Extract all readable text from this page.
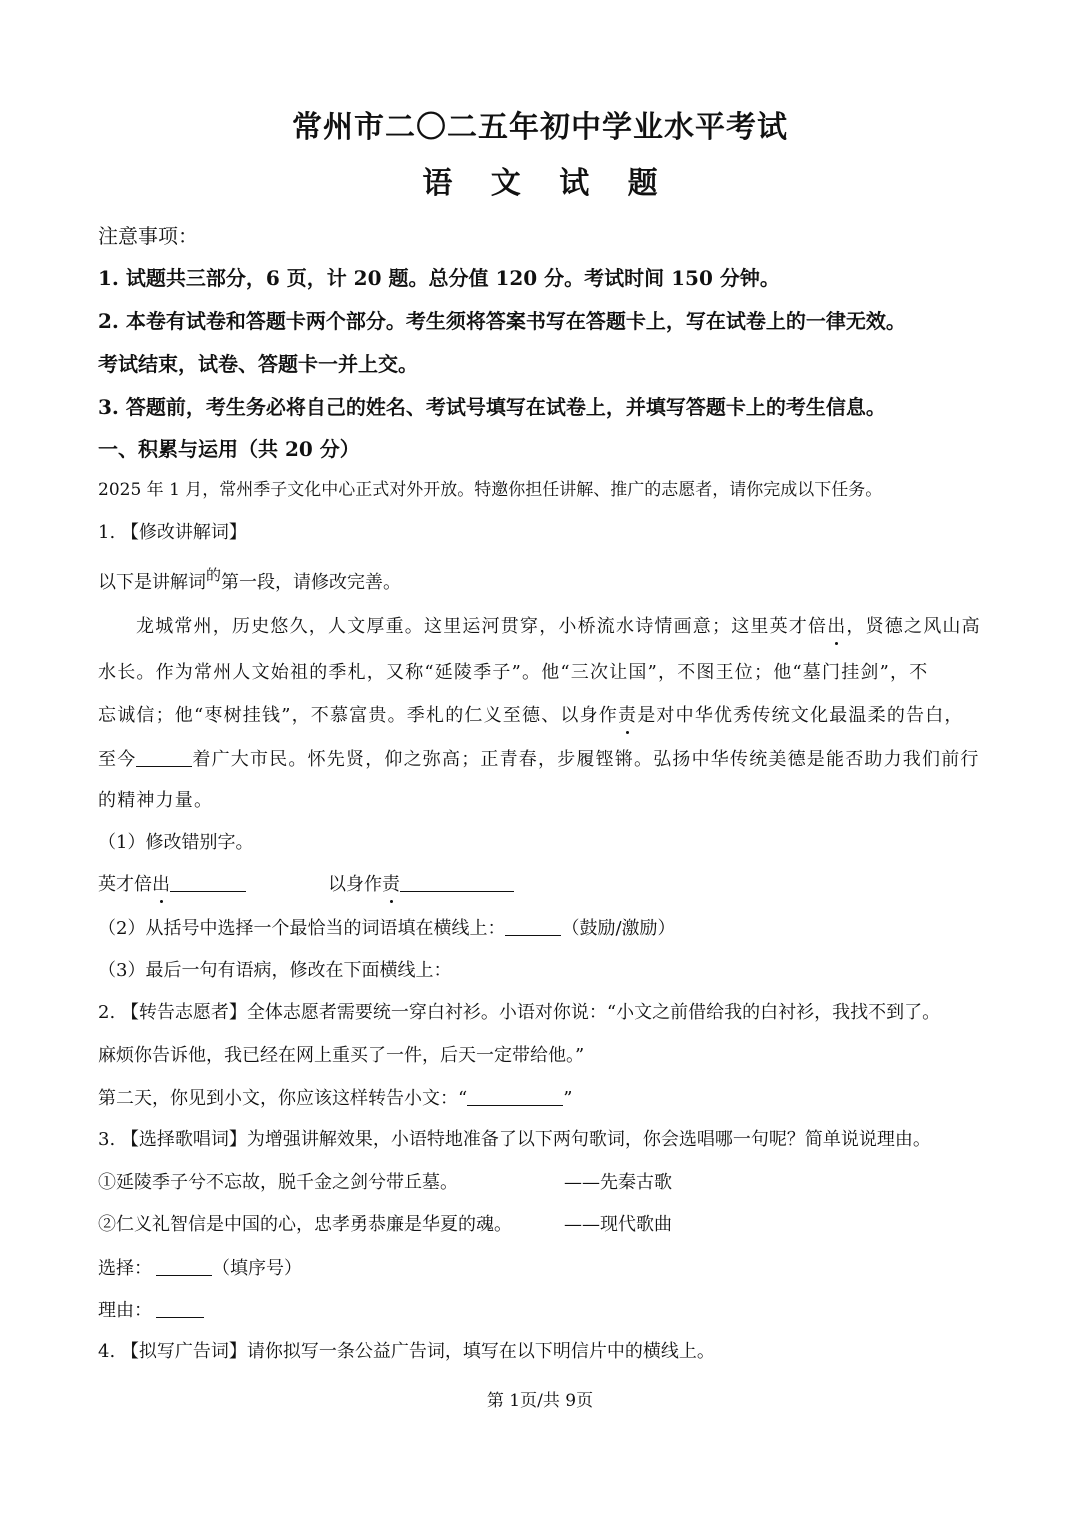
常州市二〇二五年初中学业水平考试
语 文 试 题
注意事项：
1. 试题共三部分，6 页，计 20 题。总分值 120 分。考试时间 150 分钟。
2. 本卷有试卷和答题卡两个部分。考生须将答案书写在答题卡上，写在试卷上的一律无效。
考试结束，试卷、答题卡一并上交。
3. 答题前，考生务必将自己的姓名、考试号填写在试卷上，并填写答题卡上的考生信息。
一、积累与运用（共 20 分）
2025 年 1 月，常州季子文化中心正式对外开放。特邀你担任讲解、推广的志愿者，请你完成以下任务。
1. 【修改讲解词】
以下是讲解词$^的$第一段，请修改完善。
龙城常州，历史悠久，人文厚重。这里运河贯穿，小桥流水诗情画意；这里英才倍出，贤德之风山高
水长。作为常州人文始祖的季札，又称“延陵季子”。他“三次让国”，不图王位；他“墓门挂剑”，不
忘诚信；他“枣树挂钱”，不慕富贵。季札的仁义至德、以身作责是对中华优秀传统文化最温柔的告白，
至今	着广大市民。怀先贤，仰之弥高；正青春，步履铿锵。弘扬中华传统美德是能否助力我们前行
的精神力量。
（1）修改错别字。
英才倍出	以身作责
（2）从括号中选择一个最恰当的词语填在横线上：	（鼓励/激励）
（3）最后一句有语病，修改在下面横线上：
2. 【转告志愿者】全体志愿者需要统一穿白衬衫。小语对你说：“小文之前借给我的白衬衫，我找不到了。
麻烦你告诉他，我已经在网上重买了一件，后天一定带给他。”
第二天，你见到小文，你应该这样转告小文：“	”
3. 【选择歌唱词】为增强讲解效果，小语特地准备了以下两句歌词，你会选唱哪一句呢？简单说说理由。
①延陵季子兮不忘故，脱千金之剑兮带丘墓。	——先秦古歌
②仁义礼智信是中国的心，忠孝勇恭廉是华夏的魂。	——现代歌曲
选择：	（填序号）
理由：
4. 【拟写广告词】请你拟写一条公益广告词，填写在以下明信片中的横线上。
第 1页/共 9页
